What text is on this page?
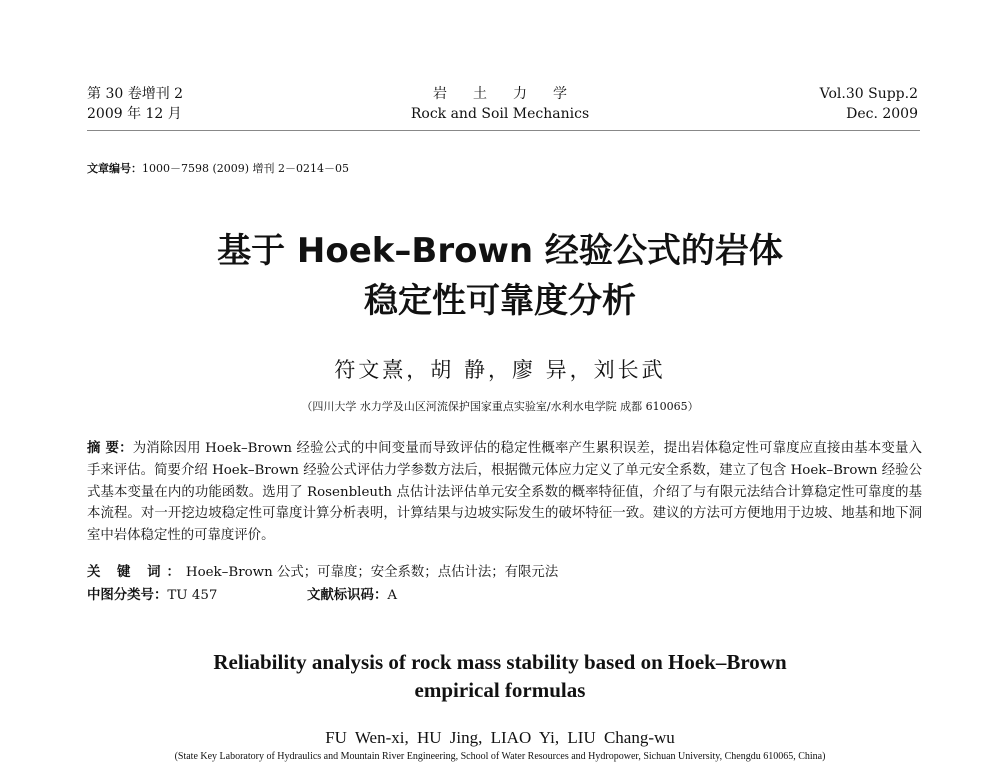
第 30 卷增刊 2
2009 年 12 月
岩土力学
Rock and Soil Mechanics
Vol.30 Supp.2
Dec. 2009
文章编号：1000－7598 (2009) 增刊 2－0214－05
基于 Hoek–Brown 经验公式的岩体
稳定性可靠度分析
符文熹，胡 静，廖 异，刘长武
（四川大学 水力学及山区河流保护国家重点实验室/水利水电学院 成都 610065）
摘 要：为消除因用 Hoek–Brown 经验公式的中间变量而导致评估的稳定性概率产生累积误差，提出岩体稳定性可靠度应直接由基本变量入手来评估。简要介绍 Hoek–Brown 经验公式评估力学参数方法后，根据微元体应力定义了单元安全系数，建立了包含 Hoek–Brown 经验公式基本变量在内的功能函数。选用了 Rosenbleuth 点估计法评估单元安全系数的概率特征值，介绍了与有限元法结合计算稳定性可靠度的基本流程。对一开挖边坡稳定性可靠度计算分析表明，计算结果与边坡实际发生的破坏特征一致。建议的方法可方便地用于边坡、地基和地下洞室中岩体稳定性的可靠度评价。
关 键 词：Hoek–Brown 公式；可靠度；安全系数；点估计法；有限元法
中图分类号：TU 457	文献标识码：A
Reliability analysis of rock mass stability based on Hoek–Brown
empirical formulas
FU Wen-xi, HU Jing, LIAO Yi, LIU Chang-wu
(State Key Laboratory of Hydraulics and Mountain River Engineering, School of Water Resources and Hydropower, Sichuan University, Chengdu 610065, China)
